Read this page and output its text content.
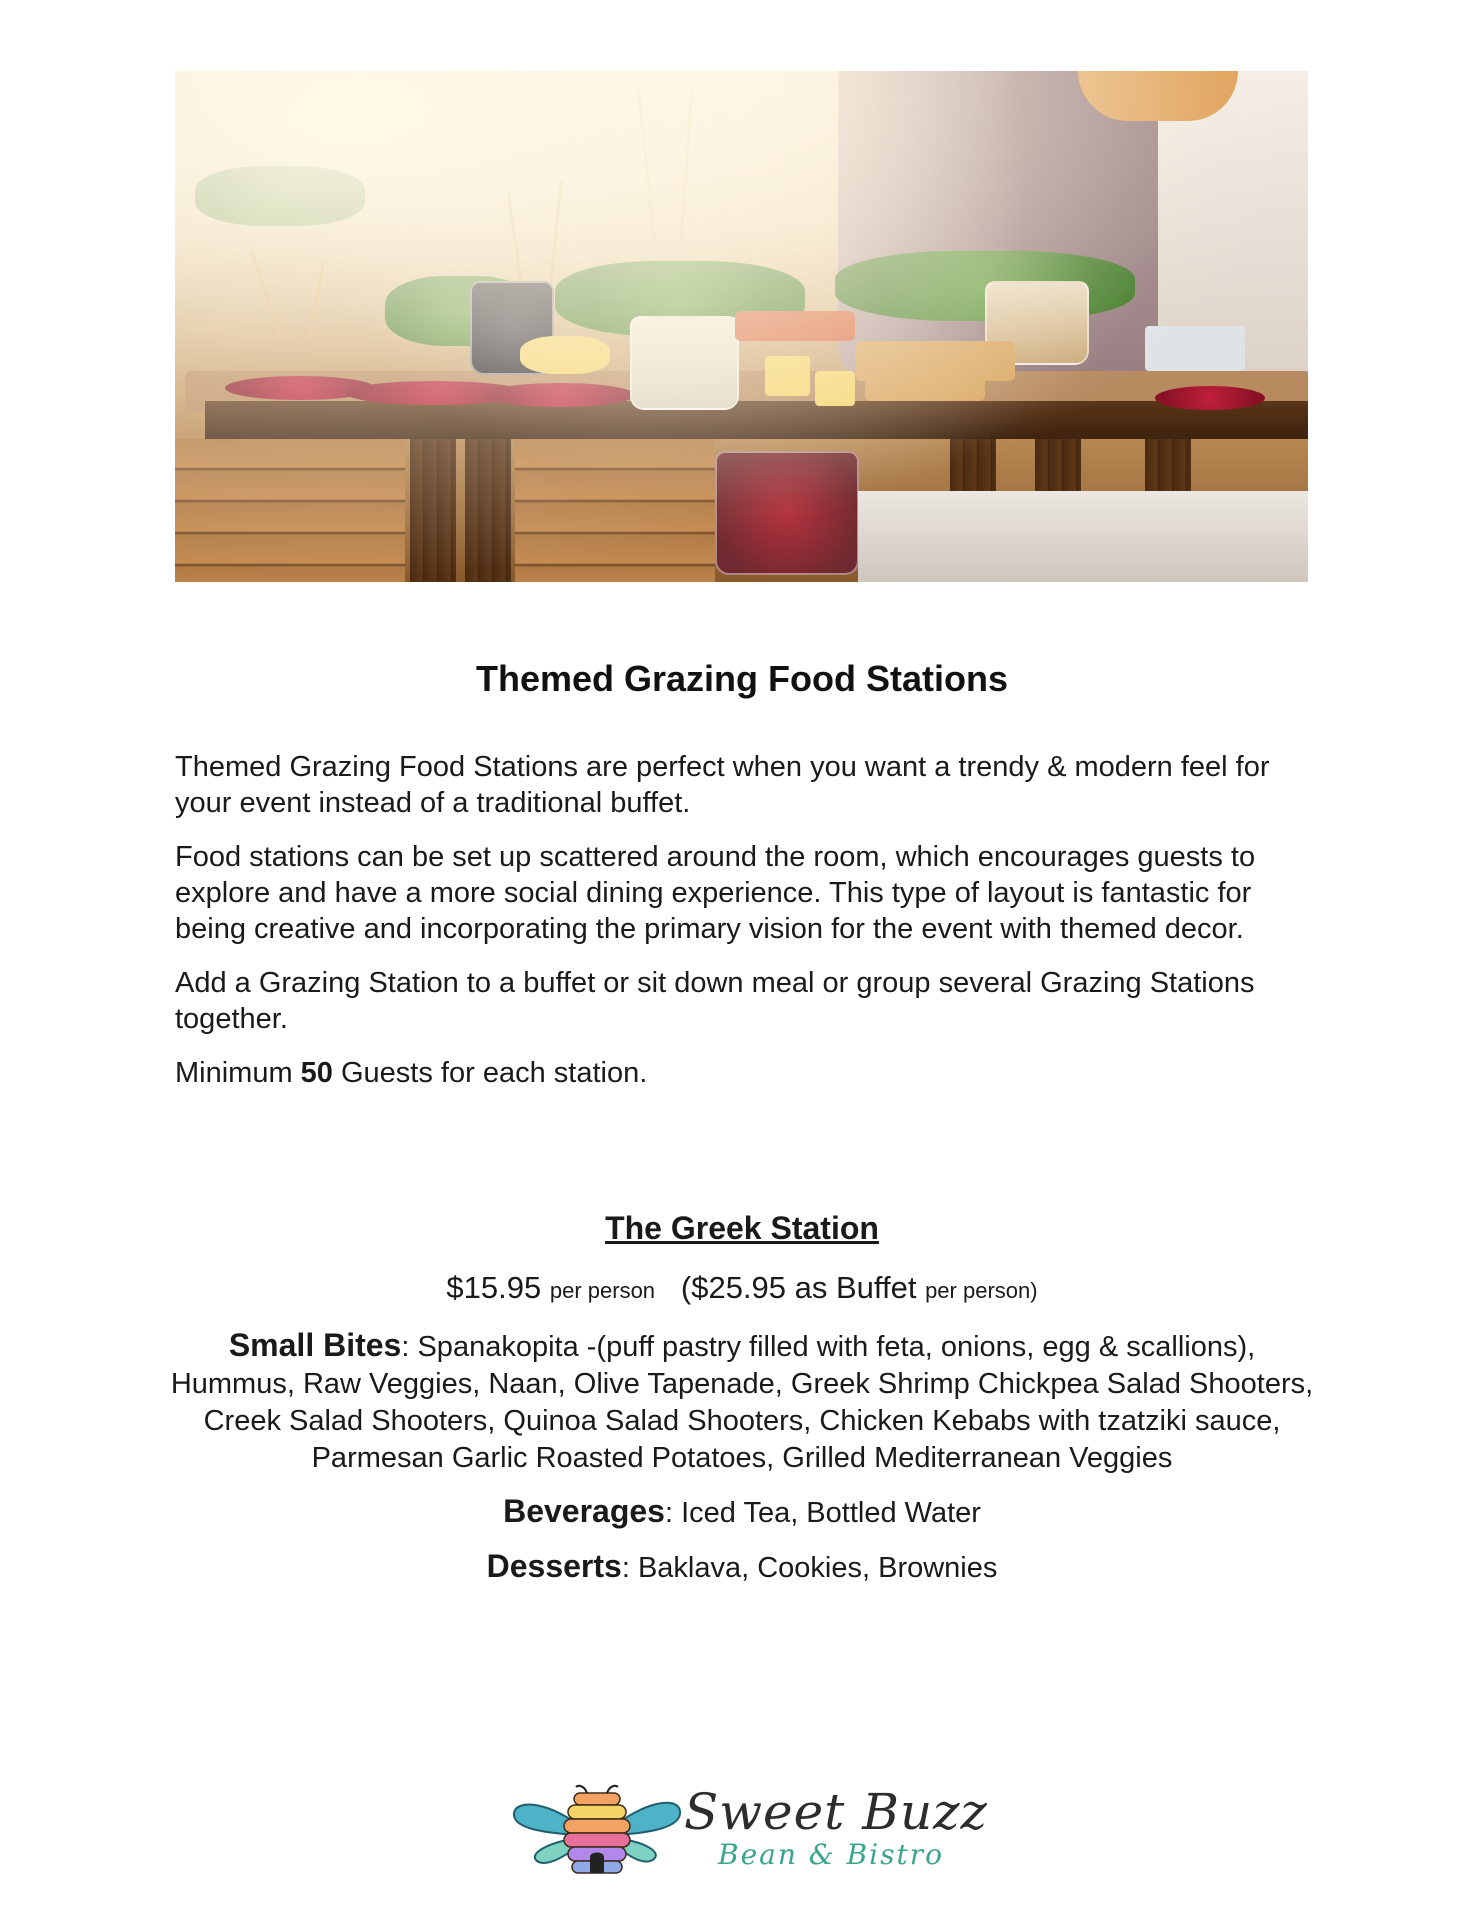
Themed Grazing Food Stations

Themed Grazing Food Stations are perfect when you want a trendy & modern feel for your event instead of a traditional buffet.

Food stations can be set up scattered around the room, which encourages guests to explore and have a more social dining experience. This type of layout is fantastic for being creative and incorporating the primary vision for the event with themed decor.

Add a Grazing Station to a buffet or sit down meal or group several Grazing Stations together.

Minimum 50 Guests for each station.

The Greek Station
$15.95 per person ($25.95 as Buffet per person)
Small Bites: Spanakopita -(puff pastry filled with feta, onions, egg & scallions), Hummus, Raw Veggies, Naan, Olive Tapenade, Greek Shrimp Chickpea Salad Shooters, Creek Salad Shooters, Quinoa Salad Shooters, Chicken Kebabs with tzatziki sauce, Parmesan Garlic Roasted Potatoes, Grilled Mediterranean Veggies
Beverages: Iced Tea, Bottled Water
Desserts: Baklava, Cookies, Brownies
Sweet Buzz
Bean & Bistro
